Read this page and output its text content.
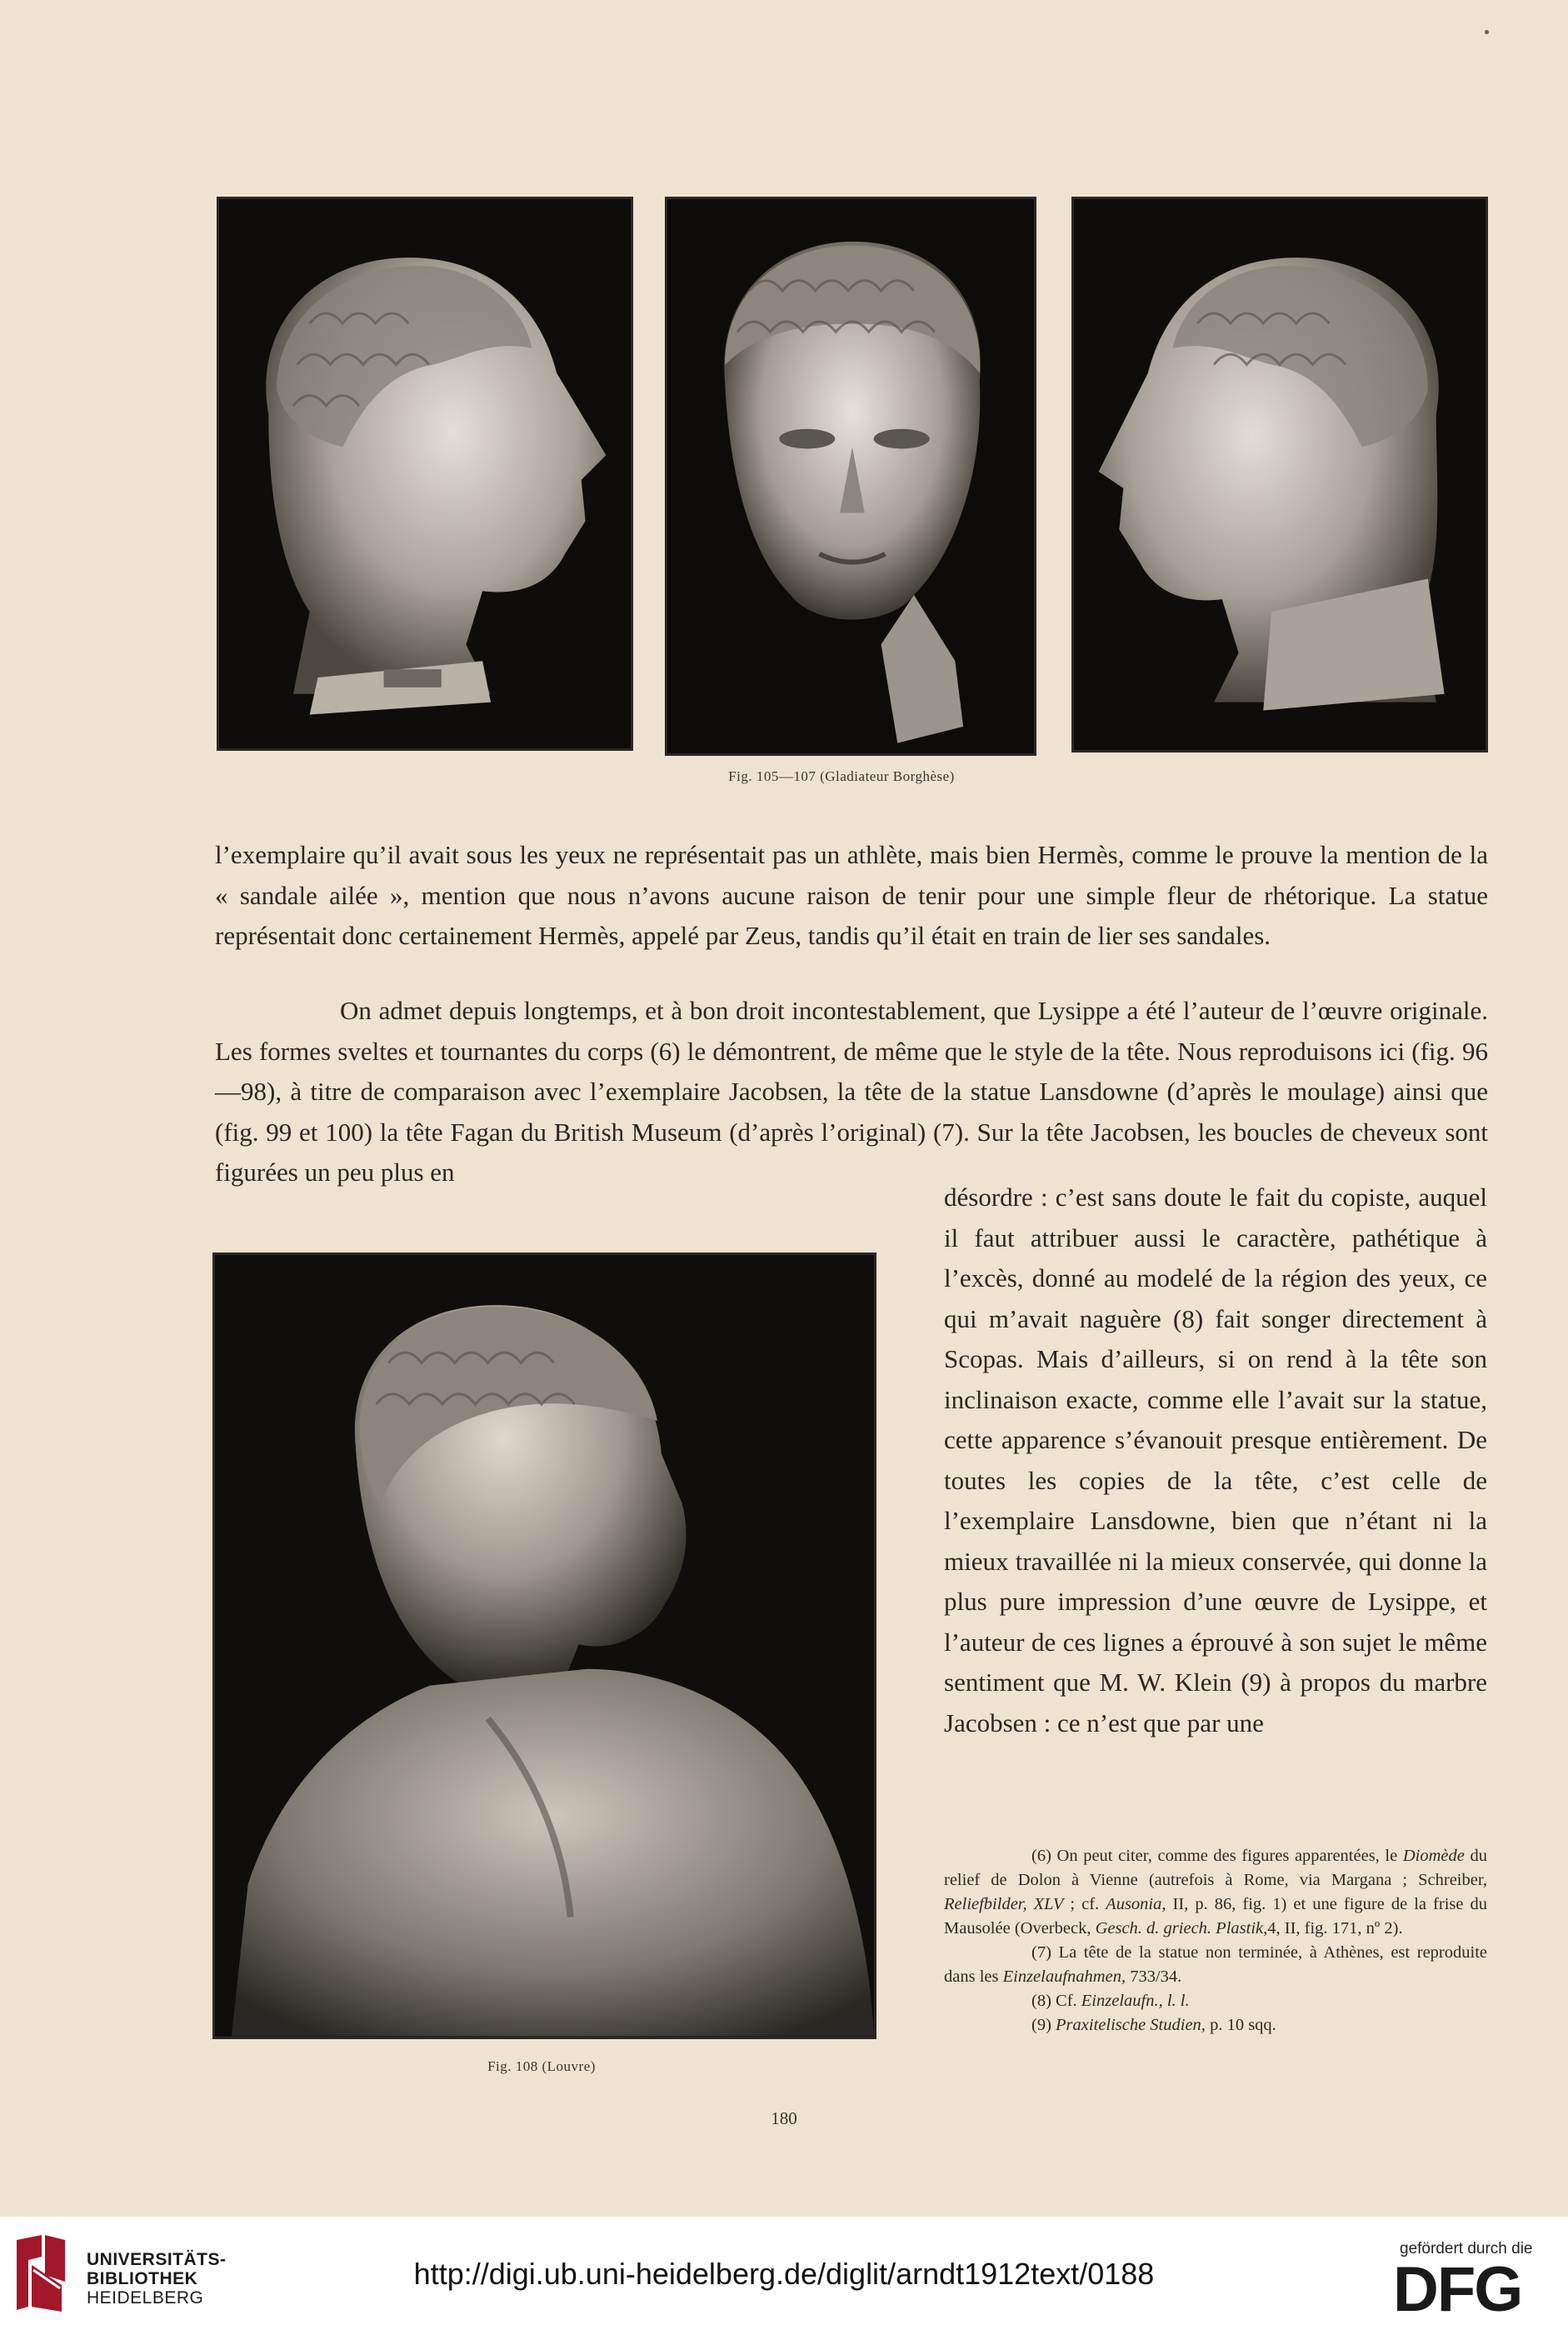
Fig. 105—107 (Gladiateur Borghèse)

l’exemplaire qu’il avait sous les yeux ne représentait pas un athlète, mais bien Hermès, comme le prouve la mention de la « sandale ailée », mention que nous n’avons aucune raison de tenir pour une simple fleur de rhétorique. La statue représentait donc certainement Hermès, appelé par Zeus, tandis qu’il était en train de lier ses sandales.

On admet depuis longtemps, et à bon droit incontestablement, que Lysippe a été l’auteur de l’œuvre originale. Les formes sveltes et tournantes du corps (6) le démontrent, de même que le style de la tête. Nous reproduisons ici (fig. 96—98), à titre de comparaison avec l’exemplaire Jacobsen, la tête de la statue Lansdowne (d’après le moulage) ainsi que (fig. 99 et 100) la tête Fagan du British Museum (d’après l’original) (7). Sur la tête Jacobsen, les boucles de cheveux sont figurées un peu plus en

désordre : c’est sans doute le fait du copiste, auquel il faut attribuer aussi le caractère, pathétique à l’excès, donné au modelé de la région des yeux, ce qui m’avait naguère (8) fait songer directement à Scopas. Mais d’ailleurs, si on rend à la tête son inclinaison exacte, comme elle l’avait sur la statue, cette apparence s’évanouit presque entièrement. De toutes les copies de la tête, c’est celle de l’exemplaire Lansdowne, bien que n’étant ni la mieux travaillée ni la mieux conservée, qui donne la plus pure impression d’une œuvre de Lysippe, et l’auteur de ces lignes a éprouvé à son sujet le même sentiment que M. W. Klein (9) à propos du marbre Jacobsen : ce n’est que par une

Fig. 108 (Louvre)

(6) On peut citer, comme des figures apparentées, le Diomède du relief de Dolon à Vienne (autrefois à Rome, via Margana ; Schreiber, Reliefbilder, XLV ; cf. Ausonia, II, p. 86, fig. 1) et une figure de la frise du Mausolée (Overbeck, Gesch. d. griech. Plastik,4, II, fig. 171, nº 2).

(7) La tête de la statue non terminée, à Athènes, est reproduite dans les Einzelaufnahmen, 733/34.

(8) Cf. Einzelaufn., l. l.

(9) Praxitelische Studien, p. 10 sqq.

180
UNIVERSITÄTS-
BIBLIOTHEK
HEIDELBERG
http://digi.ub.uni-heidelberg.de/diglit/arndt1912text/0188
gefördert durch die
DFG
